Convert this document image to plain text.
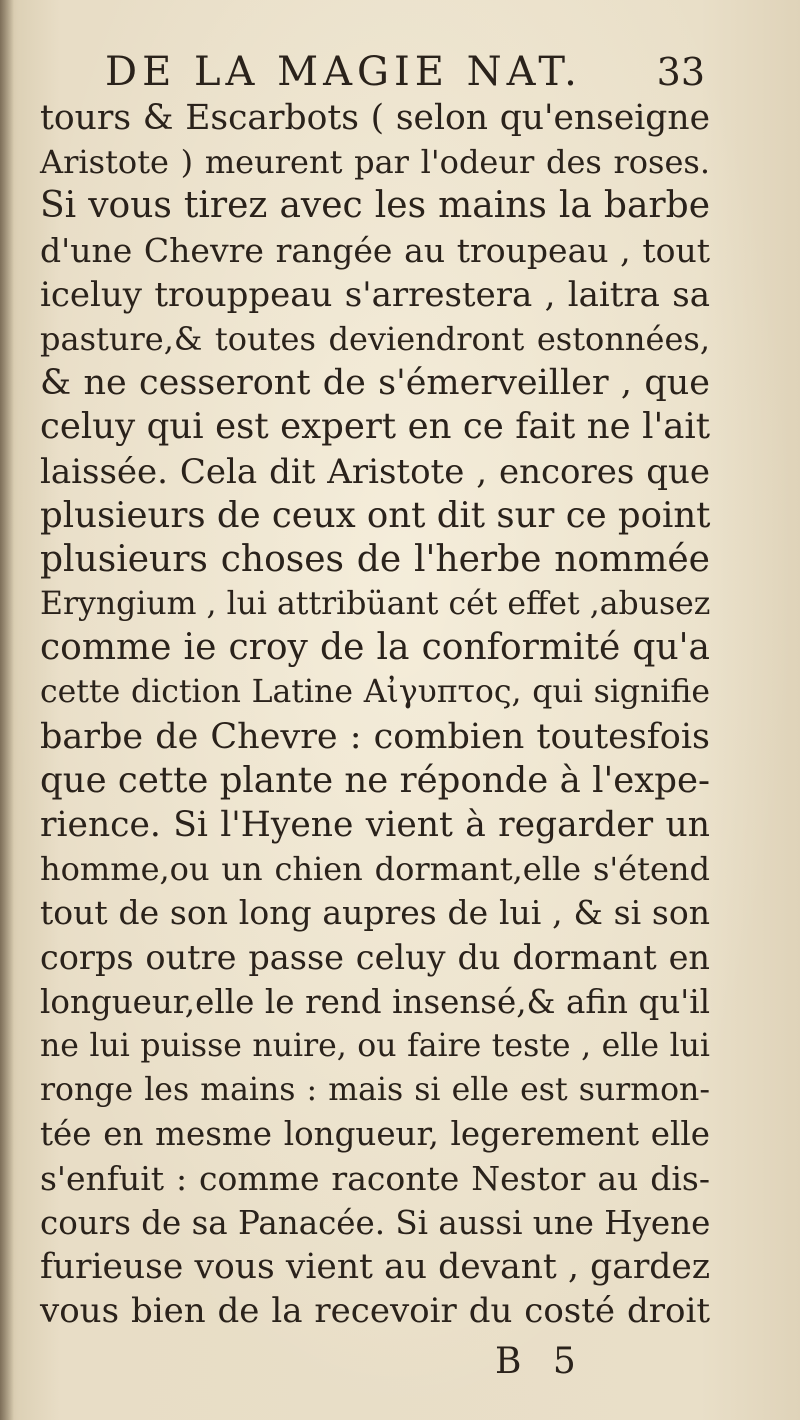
DE LA MAGIE NAT. 33
tours & Escarbots ( selon qu'enseigne
Aristote ) meurent par l'odeur des roses.
Si vous tirez avec les mains la barbe
d'une Chevre rangée au troupeau , tout
iceluy trouppeau s'arrestera , laitra sa
pasture,& toutes deviendront estonnées,
& ne cesseront de s'émerveiller , que
celuy qui est expert en ce fait ne l'ait
laissée. Cela dit Aristote , encores que
plusieurs de ceux ont dit sur ce point
plusieurs choses de l'herbe nommée
Eryngium , lui attribüant cét effet ,abusez
comme ie croy de la conformité qu'a
cette diction Latine Αἰγυπτος, qui signifie
barbe de Chevre : combien toutesfois
que cette plante ne réponde à l'expe-
rience. Si l'Hyene vient à regarder un
homme,ou un chien dormant,elle s'étend
tout de son long aupres de lui , & si son
corps outre passe celuy du dormant en
longueur,elle le rend insensé,& afin qu'il
ne lui puisse nuire, ou faire teste , elle lui
ronge les mains : mais si elle est surmon-
tée en mesme longueur, legerement elle
s'enfuit : comme raconte Nestor au dis-
cours de sa Panacée. Si aussi une Hyene
furieuse vous vient au devant , gardez
vous bien de la recevoir du costé droit
B 5
